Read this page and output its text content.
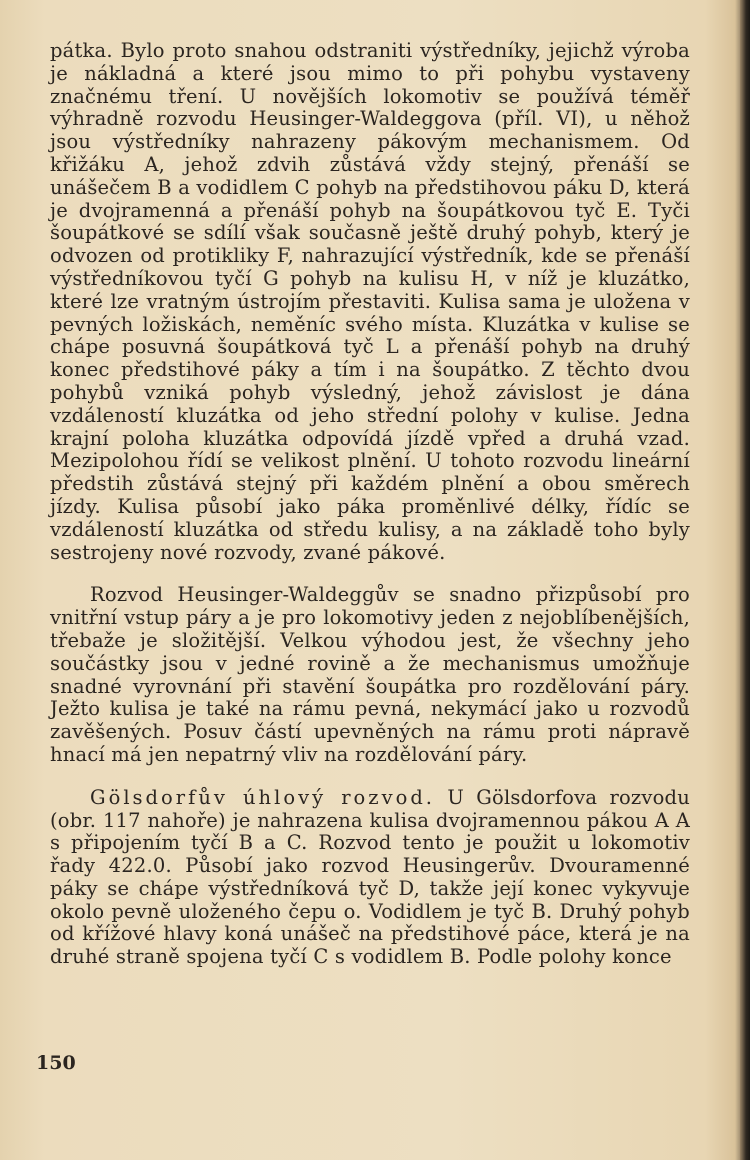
pátka. Bylo proto snahou odstraniti výstředníky, jejichž výroba je nákladná a které jsou mimo to při pohybu vystaveny značnému tření. U novějších lokomotiv se používá téměř výhradně rozvodu Heusinger-Waldeggova (příl. VI), u něhož jsou výstředníky nahrazeny pákovým mechanismem. Od křižáku A, jehož zdvih zůstává vždy stejný, přenáší se unášečem B a vodidlem C pohyb na předstihovou páku D, která je dvojramenná a přenáší pohyb na šoupátkovou tyč E. Tyči šoupátkové se sdílí však současně ještě druhý pohyb, který je odvozen od protikliky F, nahrazující výstředník, kde se přenáší výstředníkovou tyčí G pohyb na kulisu H, v níž je kluzátko, které lze vratným ústrojím přestaviti. Kulisa sama je uložena v pevných ložiskách, neměníc svého místa. Kluzátka v kulise se chápe posuvná šoupátková tyč L a přenáší pohyb na druhý konec předstihové páky a tím i na šoupátko. Z těchto dvou pohybů vzniká pohyb výsledný, jehož závislost je dána vzdáleností kluzátka od jeho střední polohy v kulise. Jedna krajní poloha kluzátka odpovídá jízdě vpřed a druhá vzad. Mezipolohou řídí se velikost plnění. U tohoto rozvodu lineární předstih zůstává stejný při každém plnění a obou směrech jízdy. Kulisa působí jako páka proměnlivé délky, řídíc se vzdáleností kluzátka od středu kulisy, a na základě toho byly sestrojeny nové rozvody, zvané pákové.

Rozvod Heusinger-Waldeggův se snadno přizpůsobí pro vnitřní vstup páry a je pro lokomotivy jeden z nejoblíbenějších, třebaže je složitější. Velkou výhodou jest, že všechny jeho součástky jsou v jedné rovině a že mechanismus umožňuje snadné vyrovnání při stavění šoupátka pro rozdělování páry. Ježto kulisa je také na rámu pevná, nekymácí jako u rozvodů zavěšených. Posuv částí upevněných na rámu proti nápravě hnací má jen nepatrný vliv na rozdělování páry.

Gölsdorfův úhlový rozvod. U Gölsdorfova rozvodu (obr. 117 nahoře) je nahrazena kulisa dvojramennou pákou A A s připojením tyčí B a C. Rozvod tento je použit u lokomotiv řady 422.0. Působí jako rozvod Heusingerův. Dvouramenné páky se chápe výstředníková tyč D, takže její konec vykyvuje okolo pevně uloženého čepu o. Vodidlem je tyč B. Druhý pohyb od křížové hlavy koná unášeč na předstihové páce, která je na druhé straně spojena tyčí C s vodidlem B. Podle polohy konce

150
